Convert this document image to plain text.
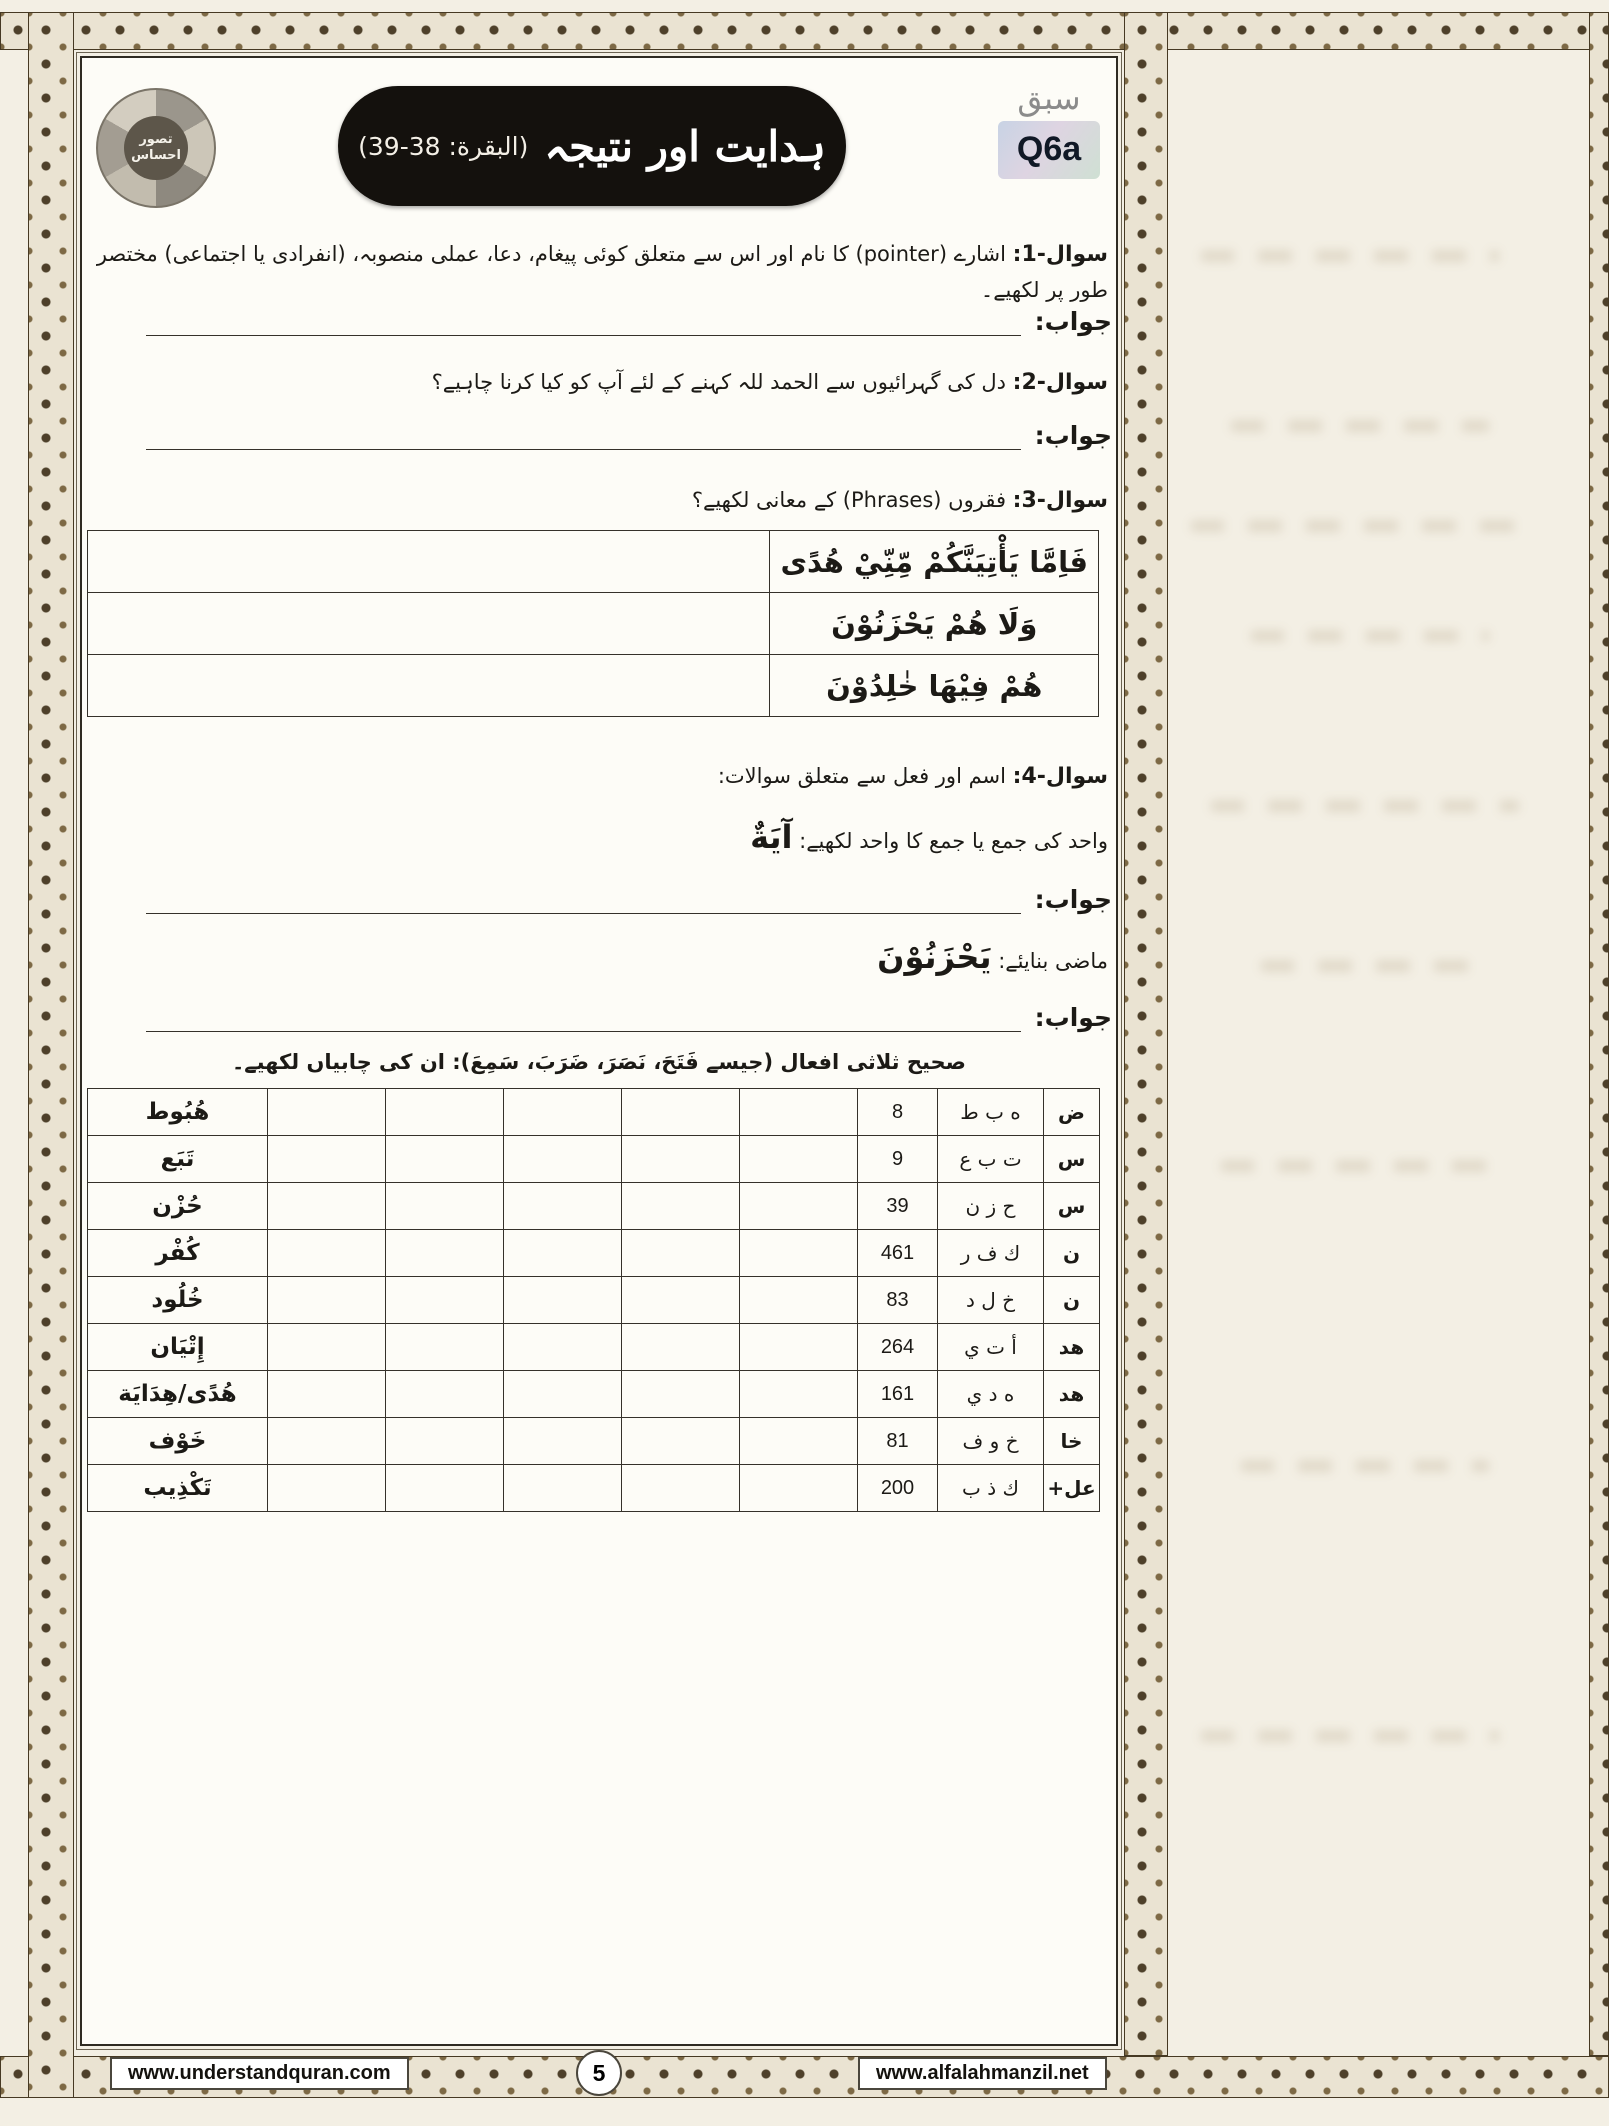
تصور احساس	ہدایت اور نتیجہ
(البقرة: 38-39)
سبق
Q6a
سوال-1: اشارے (pointer) کا نام اور اس سے متعلق کوئی پیغام، دعا، عملی منصوبہ، (انفرادی یا اجتماعی) مختصر طور پر لکھیے۔
جواب:
سوال-2: دل کی گہرائیوں سے الحمد للہ کہنے کے لئے آپ کو کیا کرنا چاہیے؟
جواب:
سوال-3: فقروں (Phrases) کے معانی لکھیے؟
فَاِمَّا يَأْتِيَنَّكُمْ مِّنِّيْ هُدًى	
وَلَا هُمْ يَحْزَنُوْنَ	
هُمْ فِيْهَا خٰلِدُوْنَ	
سوال-4: اسم اور فعل سے متعلق سوالات:
واحد کی جمع یا جمع کا واحد لکھیے: آيَةٌ
جواب:
ماضی بنایئے: يَحْزَنُوْنَ
جواب:
صحیح ثلاثی افعال (جیسے فَتَحَ، نَصَرَ، ضَرَبَ، سَمِعَ): ان کی چابیاں لکھیے۔
ض	ه ب ط	8						هُبُوط
س	ت ب ع	9						تَبَع
س	ح ز ن	39						حُزْن
ن	ك ف ر	461						كُفْر
ن	خ ل د	83						خُلُود
ھد	أ ت ي	264						إِتْيَان
ھد	ه د ي	161						هُدًى/هِدَايَة
خا	خ و ف	81						خَوْف
عل+	ك ذ ب	200						تَكْذِيب
www.understandquran.com	5	www.alfalahmanzil.net
